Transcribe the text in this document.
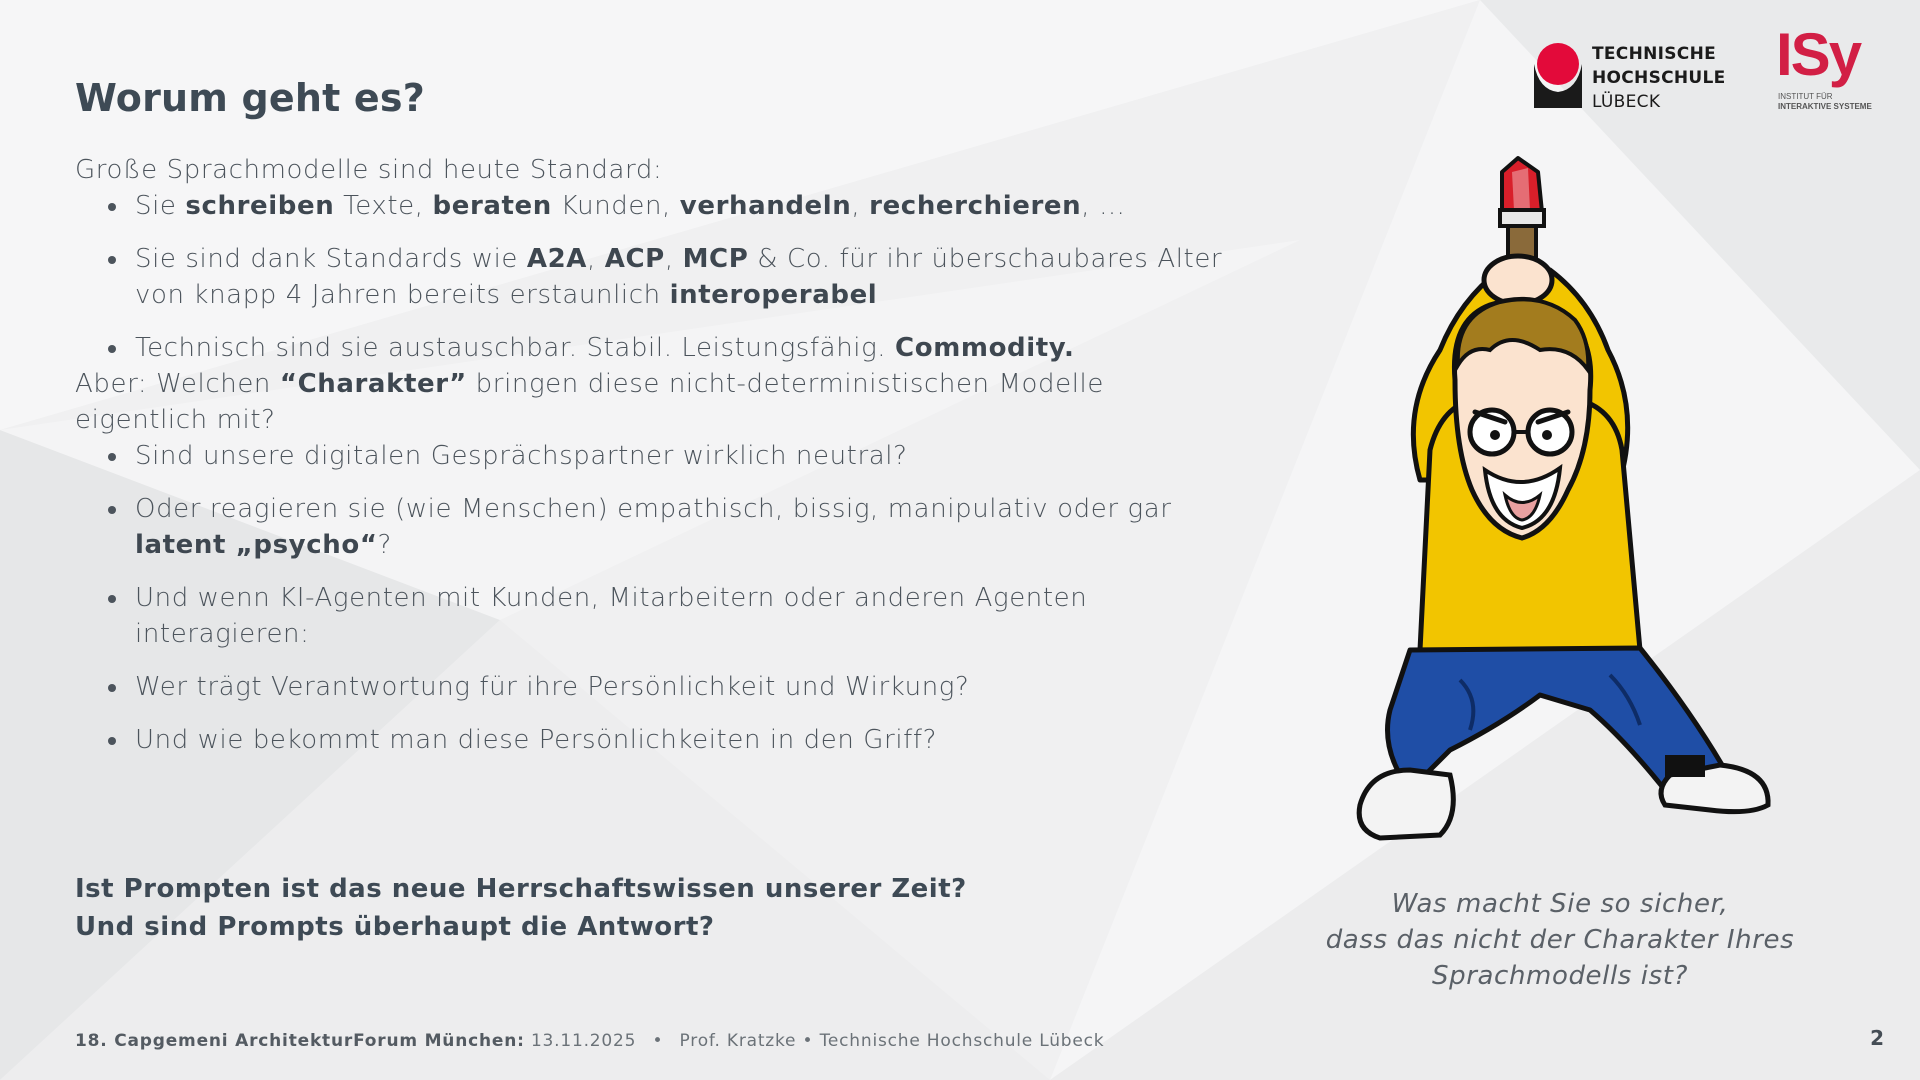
Worum geht es?

Große Sprachmodelle sind heute Standard:

Sie schreiben Texte, beraten Kunden, verhandeln, recherchieren, …
Sie sind dank Standards wie A2A, ACP, MCP & Co. für ihr überschaubares Alter von knapp 4 Jahren bereits erstaunlich interoperabel
Technisch sind sie austauschbar. Stabil. Leistungsfähig. Commodity.

Aber: Welchen “Charakter” bringen diese nicht-deterministischen Modelle eigentlich mit?

Sind unsere digitalen Gesprächspartner wirklich neutral?
Oder reagieren sie (wie Menschen) empathisch, bissig, manipulativ oder gar latent „psycho“?
Und wenn KI-Agenten mit Kunden, Mitarbeitern oder anderen Agenten interagieren:
Wer trägt Verantwortung für ihre Persönlichkeit und Wirkung?
Und wie bekommt man diese Persönlichkeiten in den Griff?
Ist Prompten ist das neue Herrschaftswissen unserer Zeit?
Und sind Prompts überhaupt die Antwort?
TECHNISCHE
HOCHSCHULE
LÜBECK
ISy
INSTITUT FÜR
INTERAKTIVE SYSTEME
Was macht Sie so sicher,
dass das nicht der Charakter Ihres
Sprachmodells ist?
18. Capgemeni ArchitekturForum München: 13.11.2025 • Prof. Kratzke • Technische Hochschule Lübeck	2
